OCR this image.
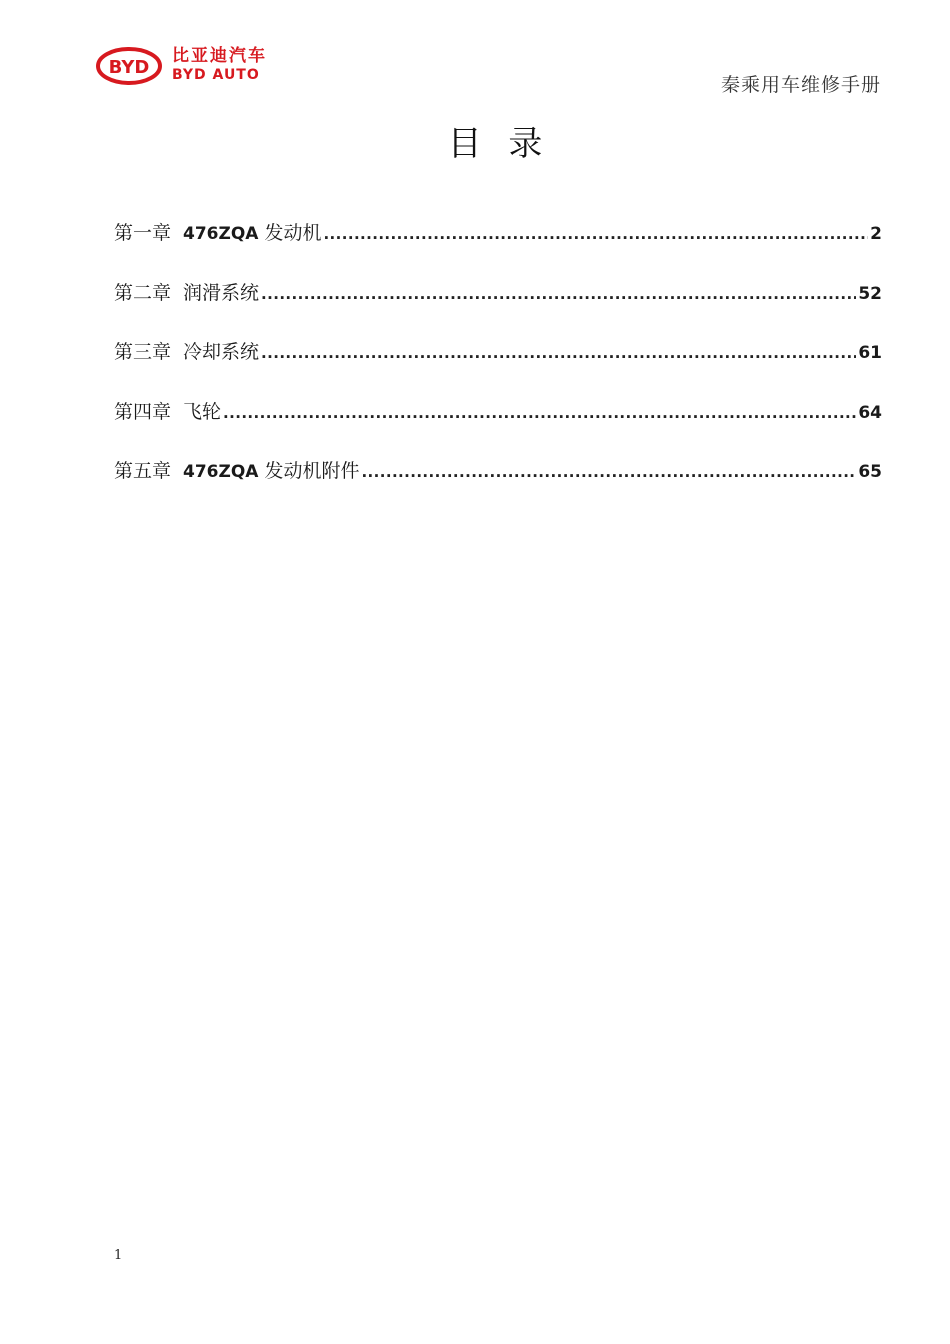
BYD
比亚迪汽车
BYD AUTO	秦乘用车维修手册
目 录
第一章 476ZQA 发动机 .....	2
第二章 润滑系统 .....	52
第三章 冷却系统 .....	61
第四章 飞轮 .....	64
第五章 476ZQA 发动机附件 .....	65
1
